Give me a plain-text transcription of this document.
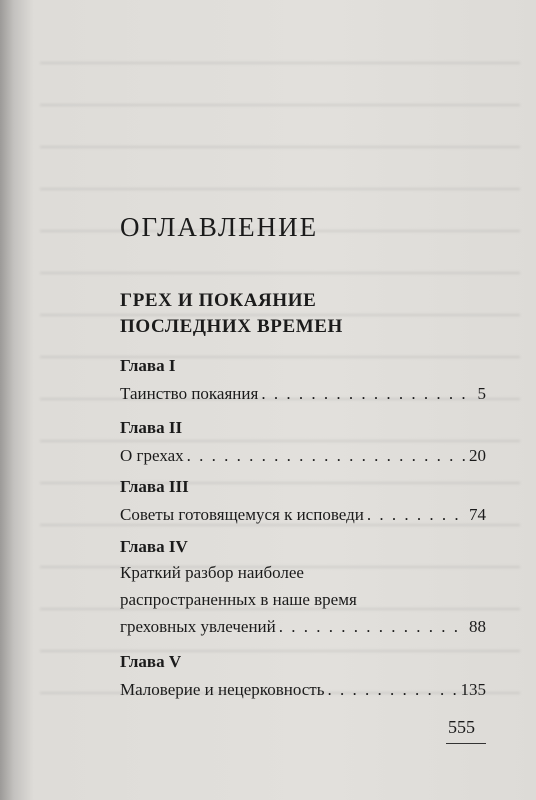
ОГЛАВЛЕНИЕ
ГРЕХ И ПОКАЯНИЕ
ПОСЛЕДНИХ ВРЕМЕН
Глава I
Таинство покаяния . . .	5
Глава II
О грехах . . .	20
Глава III
Советы готовящемуся к исповеди . . .	74
Глава IV
Краткий разбор наиболее
распространенных в наше время
греховных увлечений . . .	88
Глава V
Маловерие и нецерковность . . .	135
555
